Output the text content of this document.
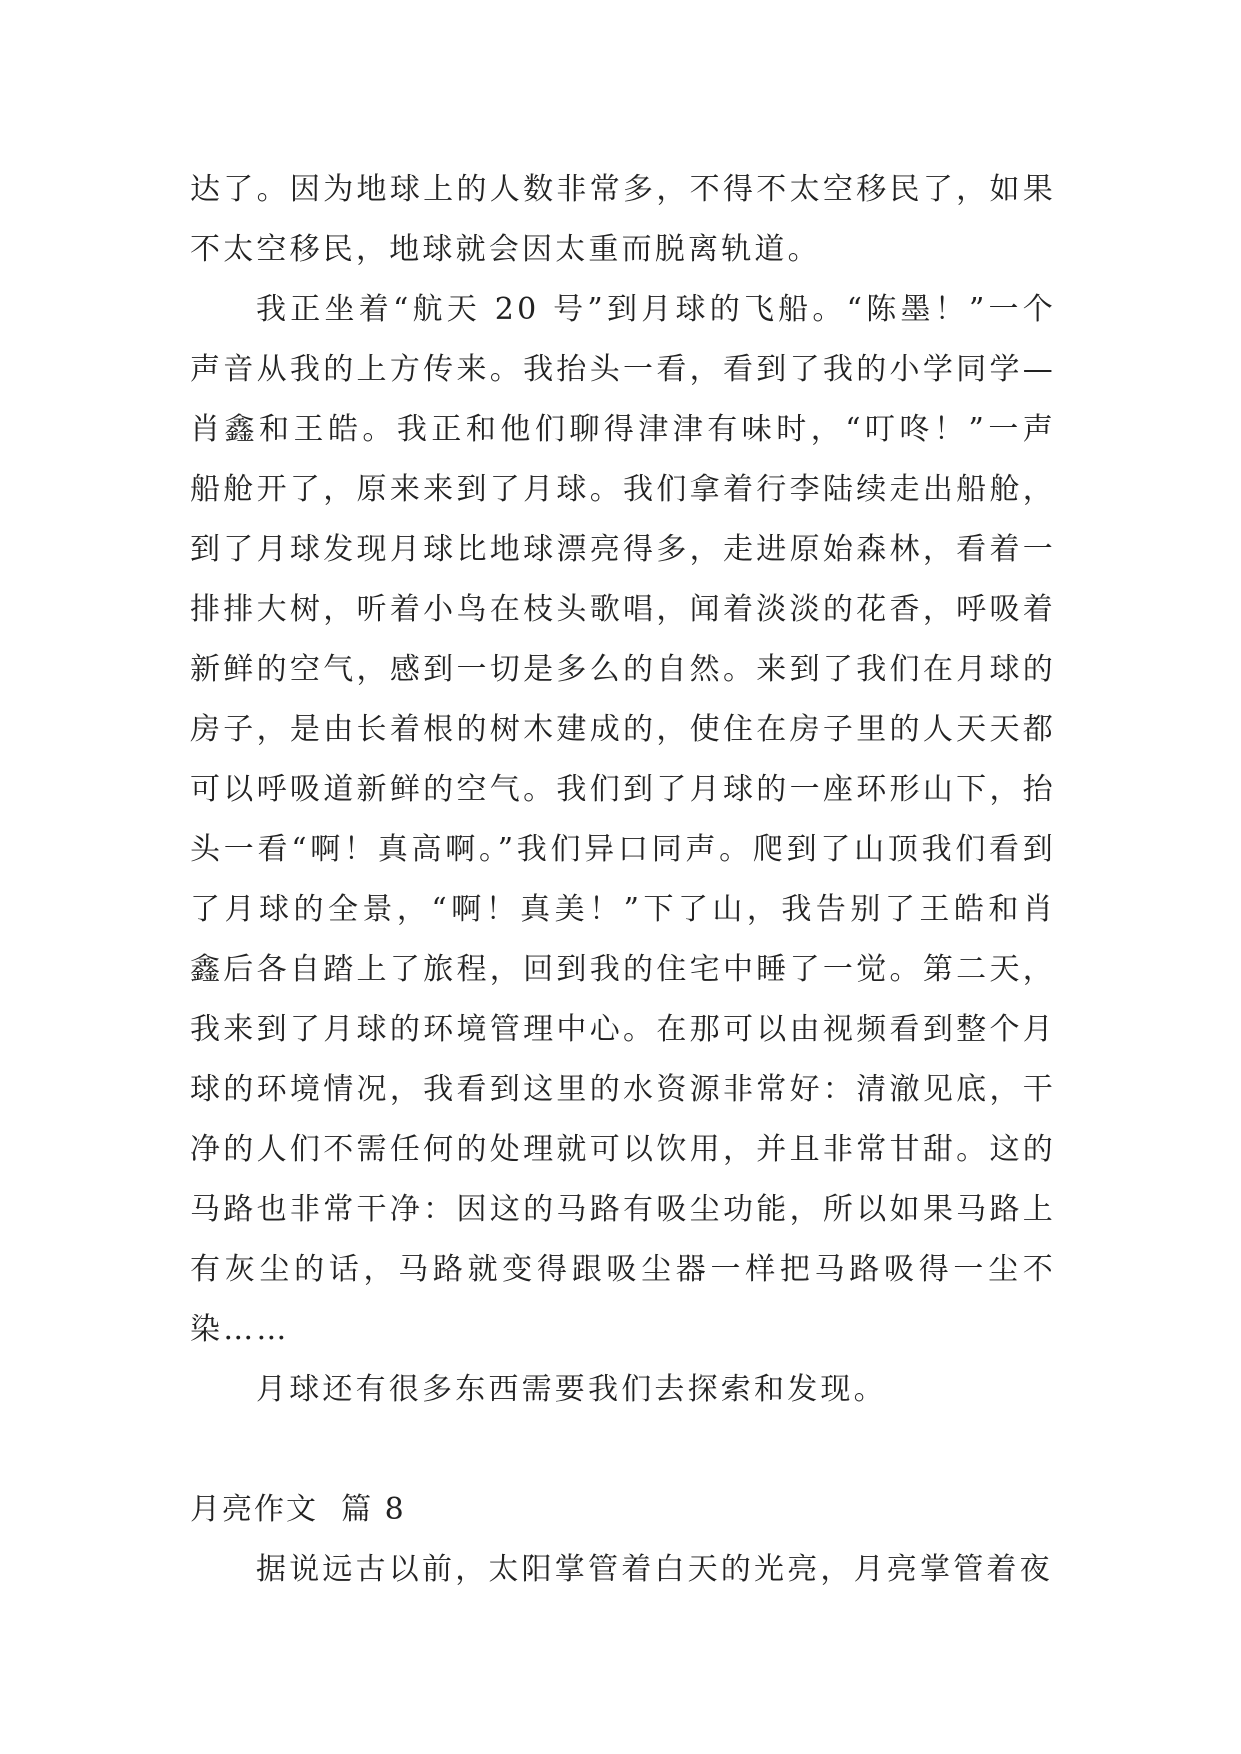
达了。因为地球上的人数非常多，不得不太空移民了，如果不太空移民，地球就会因太重而脱离轨道。

我正坐着“航天 20 号”到月球的飞船。“陈墨！”一个声音从我的上方传来。我抬头一看，看到了我的小学同学—肖鑫和王皓。我正和他们聊得津津有味时，“叮咚！”一声船舱开了，原来来到了月球。我们拿着行李陆续走出船舱，到了月球发现月球比地球漂亮得多，走进原始森林，看着一排排大树，听着小鸟在枝头歌唱，闻着淡淡的花香，呼吸着新鲜的空气，感到一切是多么的自然。来到了我们在月球的房子，是由长着根的树木建成的，使住在房子里的人天天都可以呼吸道新鲜的空气。我们到了月球的一座环形山下，抬头一看“啊！真高啊。”我们异口同声。爬到了山顶我们看到了月球的全景，“啊！真美！”下了山，我告别了王皓和肖鑫后各自踏上了旅程，回到我的住宅中睡了一觉。第二天，我来到了月球的环境管理中心。在那可以由视频看到整个月球的环境情况，我看到这里的水资源非常好：清澈见底，干净的人们不需任何的处理就可以饮用，并且非常甘甜。这的马路也非常干净：因这的马路有吸尘功能，所以如果马路上有灰尘的话，马路就变得跟吸尘器一样把马路吸得一尘不染……

月球还有很多东西需要我们去探索和发现。

月亮作文  篇 8

据说远古以前，太阳掌管着白天的光亮，月亮掌管着夜
